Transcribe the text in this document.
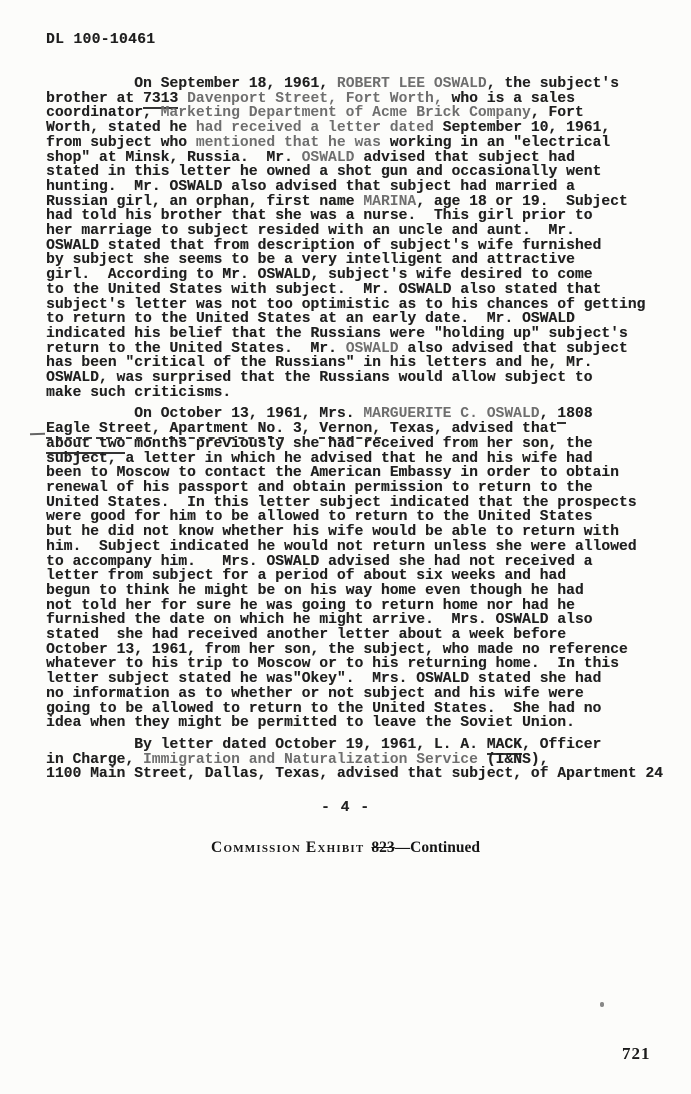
DL 100-10461
On September 18, 1961, ROBERT LEE OSWALD, the subject's
brother at 7313 Davenport Street, Fort Worth, who is a sales
coordinator, Marketing Department of Acme Brick Company, Fort
Worth, stated he had received a letter dated September 10, 1961,
from subject who mentioned that he was working in an "electrical
shop" at Minsk, Russia.  Mr. OSWALD advised that subject had
stated in this letter he owned a shot gun and occasionally went
hunting.  Mr. OSWALD also advised that subject had married a
Russian girl, an orphan, first name MARINA, age 18 or 19.  Subject
had told his brother that she was a nurse.  This girl prior to
her marriage to subject resided with an uncle and aunt.  Mr.
OSWALD stated that from description of subject's wife furnished
by subject she seems to be a very intelligent and attractive
girl.  According to Mr. OSWALD, subject's wife desired to come
to the United States with subject.  Mr. OSWALD also stated that
subject's letter was not too optimistic as to his chances of getting
to return to the United States at an early date.  Mr. OSWALD
indicated his belief that the Russians were "holding up" subject's
return to the United States.  Mr. OSWALD also advised that subject
has been "critical of the Russians" in his letters and he, Mr.
OSWALD, was surprised that the Russians would allow subject to
make such criticisms.
On October 13, 1961, Mrs. MARGUERITE C. OSWALD, 1808
Eagle Street, Apartment No. 3, Vernon, Texas, advised that
about two months previously she had received from her son, the
subject, a letter in which he advised that he and his wife had
been to Moscow to contact the American Embassy in order to obtain
renewal of his passport and obtain permission to return to the
United States.  In this letter subject indicated that the prospects
were good for him to be allowed to return to the United States
but he did not know whether his wife would be able to return with
him.  Subject indicated he would not return unless she were allowed
to accompany him.   Mrs. OSWALD advised she had not received a
letter from subject for a period of about six weeks and had
begun to think he might be on his way home even though he had
not told her for sure he was going to return home nor had he
furnished the date on which he might arrive.  Mrs. OSWALD also
stated  she had received another letter about a week before
October 13, 1961, from her son, the subject, who made no reference
whatever to his trip to Moscow or to his returning home.  In this
letter subject stated he was"Okey".  Mrs. OSWALD stated she had
no information as to whether or not subject and his wife were
going to be allowed to return to the United States.  She had no
idea when they might be permitted to leave the Soviet Union.
By letter dated October 19, 1961, L. A. MACK, Officer
in Charge, Immigration and Naturalization Service (I&NS),
1100 Main Street, Dallas, Texas, advised that subject, of Apartment 24
- 4 -
Commission Exhibit 823—Continued
721
